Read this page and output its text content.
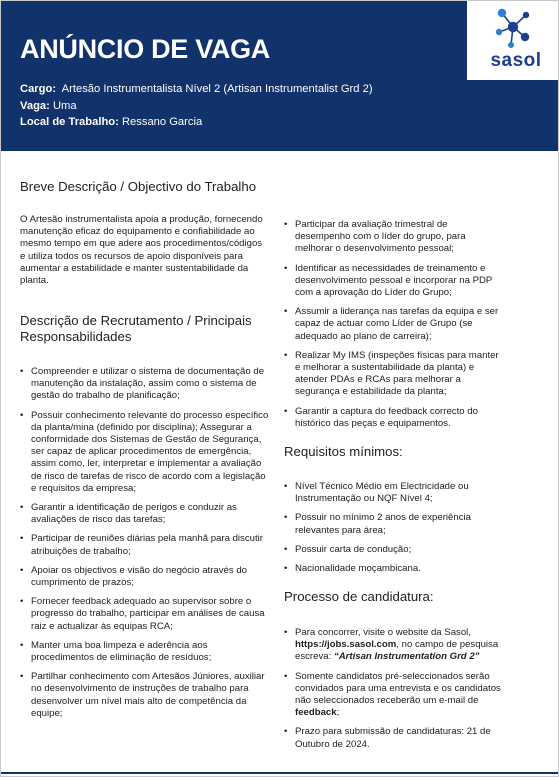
ANÚNCIO DE VAGA
Cargo: Artesão Instrumentalista Nível 2 (Artisan Instrumentalist Grd 2)
Vaga: Uma
Local de Trabalho: Ressano Garcia
sasol
Breve Descrição / Objectivo do Trabalho
O Artesão instrumentalista apoia a produção, fornecendo manutenção eficaz do equipamento e confiabilidade ao mesmo tempo em que adere aos procedimentos/códigos e utiliza todos os recursos de apoio disponíveis para aumentar a estabilidade e manter sustentabilidade da planta.
Descrição de Recrutamento / Principais Responsabilidades
• Compreender e utilizar o sistema de documentação de manutenção da instalação, assim como o sistema de gestão do trabalho de planificação;
• Possuir conhecimento relevante do processo específico da planta/mina (definido por disciplina); Assegurar a conformidade dos Sistemas de Gestão de Segurança, ser capaz de aplicar procedimentos de emergência, assim como, ler, interpretar e implementar a avaliação de risco de tarefas de risco de acordo com a legislação e requisitos da empresa;
• Garantir a identificação de perigos e conduzir as avaliações de risco das tarefas;
• Participar de reuniões diárias pela manhã para discutir atribuições de trabalho;
• Apoiar os objectivos e visão do negócio através do cumprimento de prazos;
• Fornecer feedback adequado ao supervisor sobre o progresso do trabalho, participar em análises de causa raiz e actualizar às equipas RCA;
• Manter uma boa limpeza e aderência aos procedimentos de eliminação de resíduos;
• Partilhar conhecimento com Artesãos Júniores, auxiliar no desenvolvimento de instruções de trabalho para desenvolver um nível mais alto de competência da equipe;
• Participar da avaliação trimestral de desempenho com o líder do grupo, para melhorar o desenvolvimento pessoal;
• Identificar as necessidades de treinamento e desenvolvimento pessoal e incorporar na PDP com a aprovação do Líder do Grupo;
• Assumir a liderança nas tarefas da equipa e ser capaz de actuar como Líder de Grupo (se adequado ao plano de carreira);
• Realizar My IMS (inspeções físicas para manter e melhorar a sustentabilidade da planta) e atender PDAs e RCAs para melhorar a segurança e estabilidade da planta;
• Garantir a captura do feedback correcto do histórico das peças e equipamentos.
Requisitos mínimos:
• Nível Técnico Médio em Electricidade ou Instrumentação ou NQF Nível 4;
• Possuir no mínimo 2 anos de experiência relevantes para área;
• Possuir carta de condução;
• Nacionalidade moçambicana.
Processo de candidatura:
• Para concorrer, visite o website da Sasol, https://jobs.sasol.com, no campo de pesquisa escreva: “Artisan Instrumentation Grd 2”
• Somente candidatos pré-seleccionados serão convidados para uma entrevista e os candidatos não seleccionados receberão um e-mail de feedback;
• Prazo para submissão de candidaturas: 21 de Outubro de 2024.
